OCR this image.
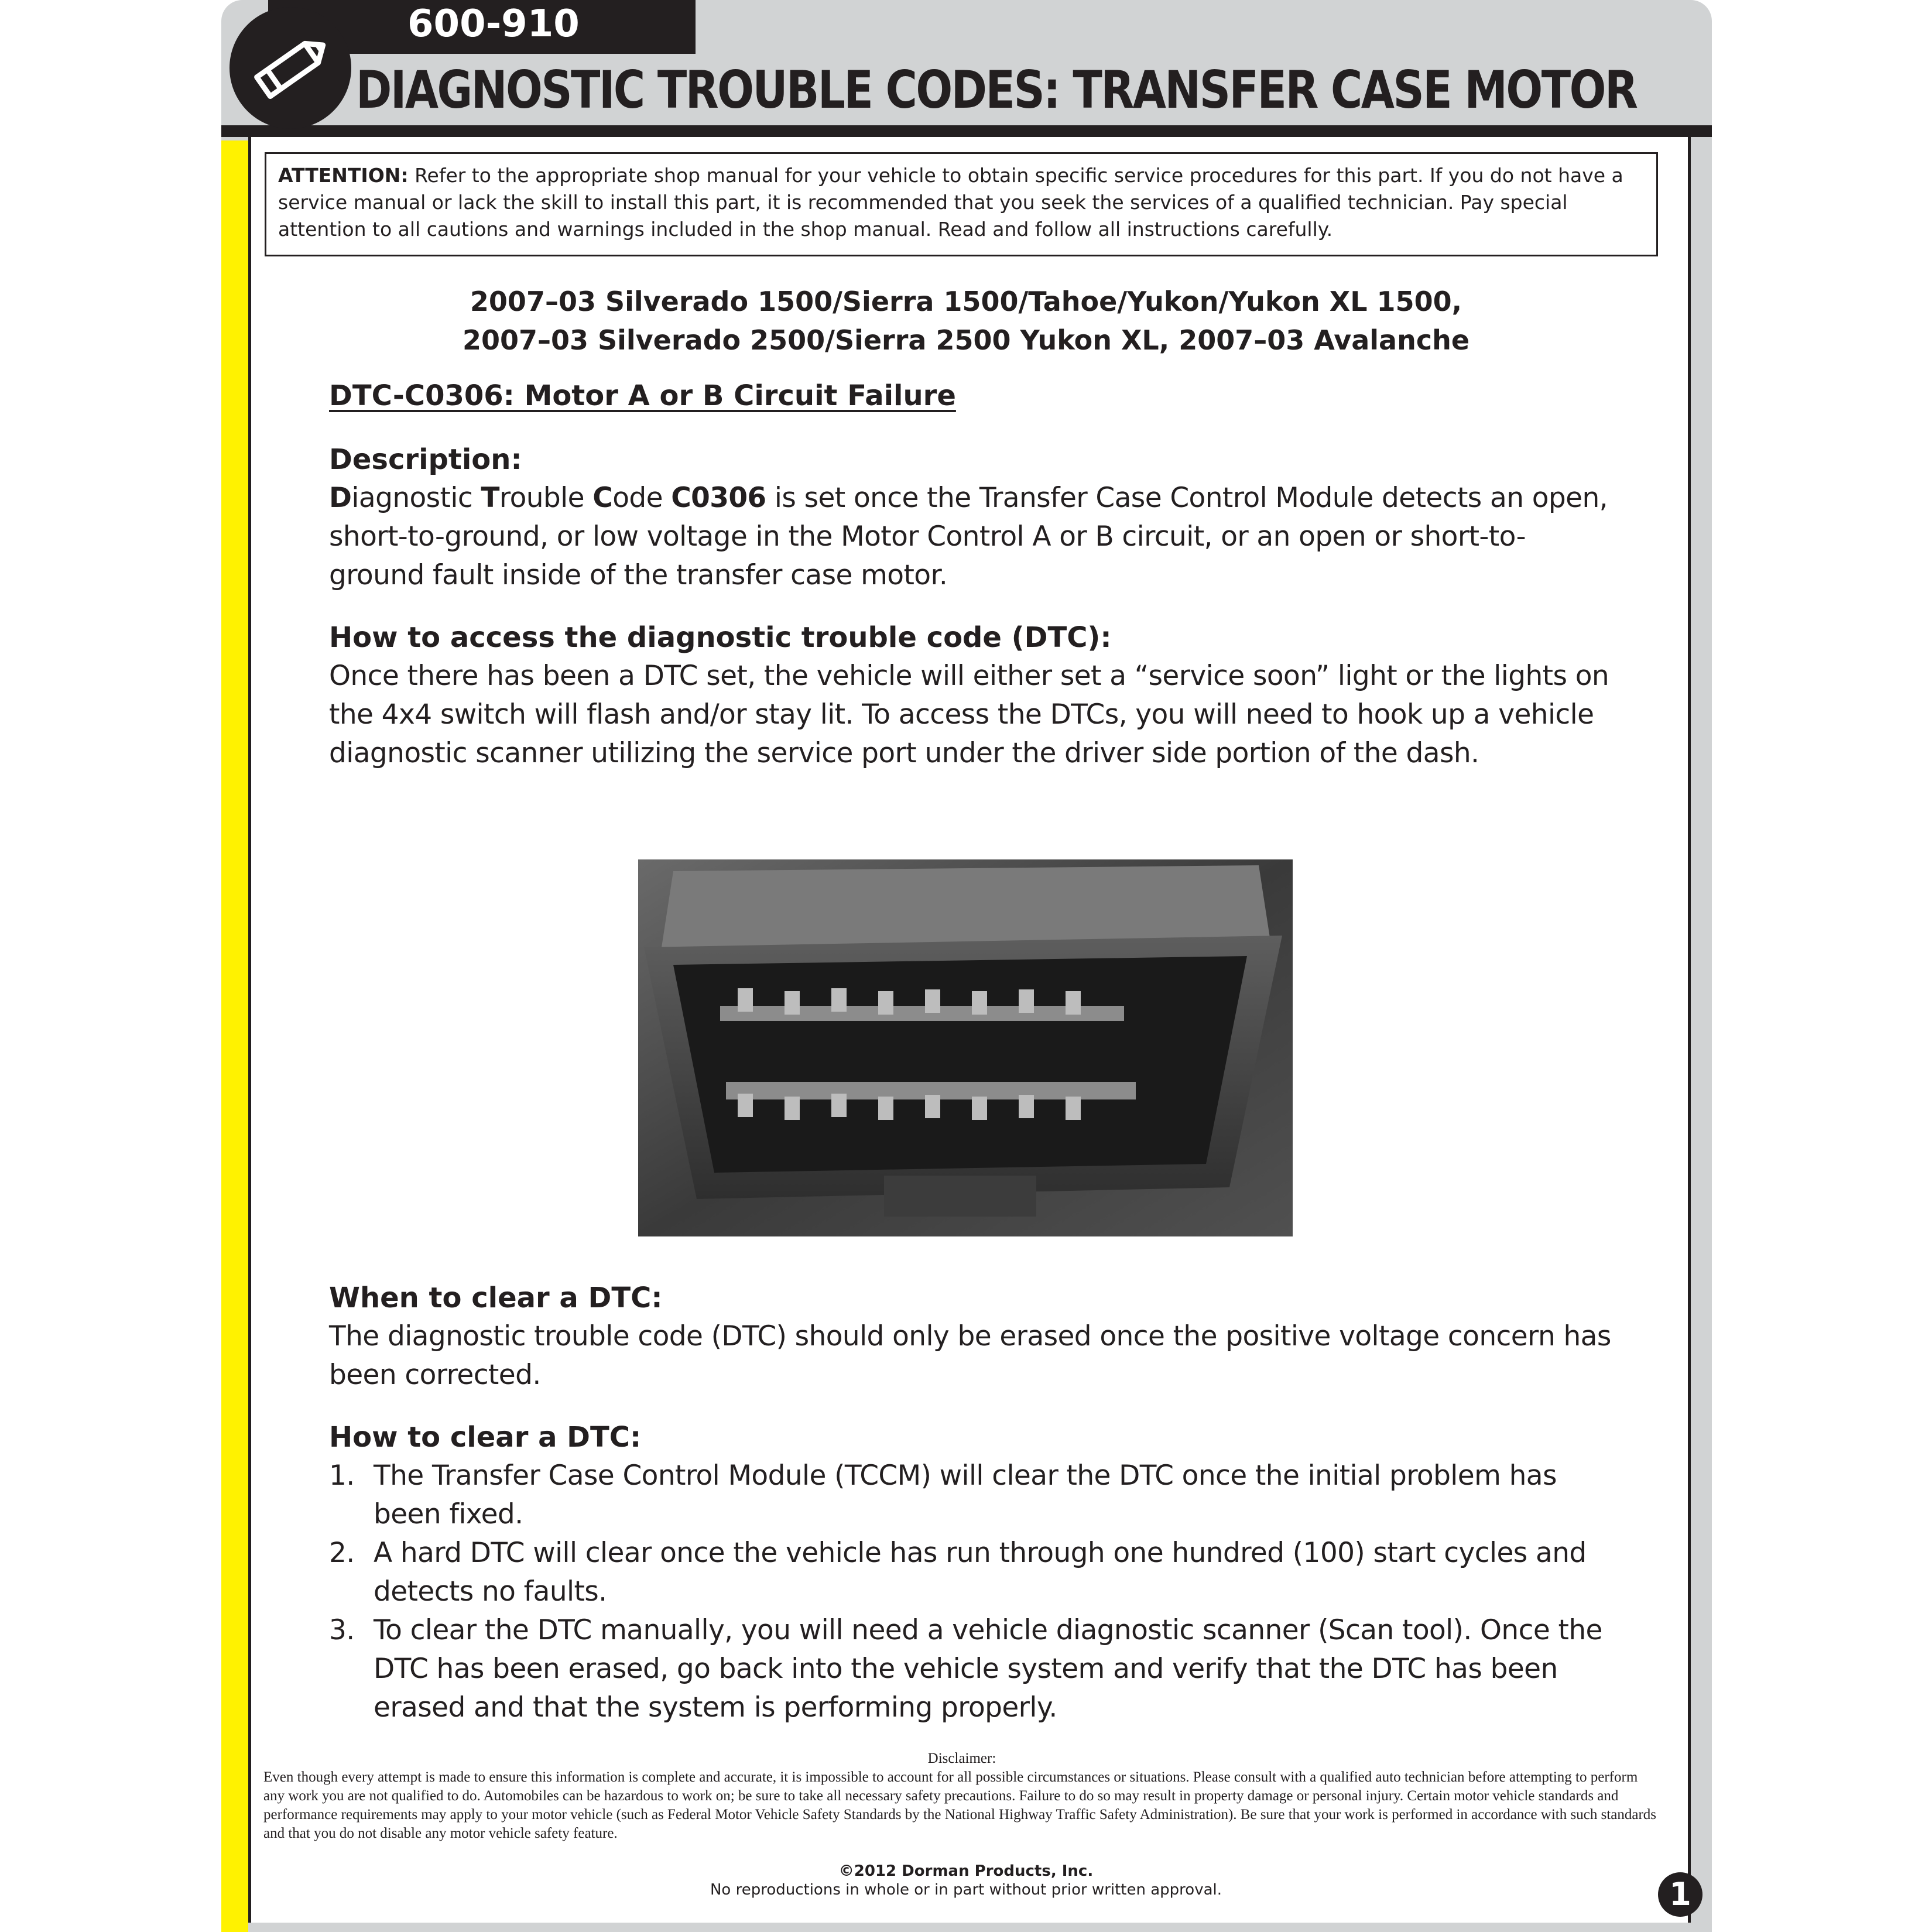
600-910
DIAGNOSTIC TROUBLE CODES: TRANSFER CASE MOTOR
ATTENTION: Refer to the appropriate shop manual for your vehicle to obtain specific service procedures for this part. If you do not have a service manual or lack the skill to install this part, it is recommended that you seek the services of a qualified technician. Pay special attention to all cautions and warnings included in the shop manual. Read and follow all instructions carefully.
2007–03 Silverado 1500/Sierra 1500/Tahoe/Yukon/Yukon XL 1500,
2007–03 Silverado 2500/Sierra 2500 Yukon XL, 2007–03 Avalanche
DTC-C0306: Motor A or B Circuit Failure
Description:

Diagnostic Trouble Code C0306 is set once the Transfer Case Control Module detects an open, short-to-ground, or low voltage in the Motor Control A or B circuit, or an open or short-to-ground fault inside of the transfer case motor.

How to access the diagnostic trouble code (DTC):

Once there has been a DTC set, the vehicle will either set a “service soon” light or the lights on the 4x4 switch will flash and/or stay lit. To access the DTCs, you will need to hook up a vehicle diagnostic scanner utilizing the service port under the driver side portion of the dash.

When to clear a DTC:

The diagnostic trouble code (DTC) should only be erased once the positive voltage concern has been corrected.

How to clear a DTC:
1. The Transfer Case Control Module (TCCM) will clear the DTC once the initial problem has been fixed.
2. A hard DTC will clear once the vehicle has run through one hundred (100) start cycles and detects no faults.
3. To clear the DTC manually, you will need a vehicle diagnostic scanner (Scan tool). Once the DTC has been erased, go back into the vehicle system and verify that the DTC has been erased and that the system is performing properly.
Disclaimer:
Even though every attempt is made to ensure this information is complete and accurate, it is impossible to account for all possible circumstances or situations. Please consult with a qualified auto technician before attempting to perform any work you are not qualified to do. Automobiles can be hazardous to work on; be sure to take all necessary safety precautions. Failure to do so may result in property damage or personal injury. Certain motor vehicle standards and performance requirements may apply to your motor vehicle (such as Federal Motor Vehicle Safety Standards by the National Highway Traffic Safety Administration). Be sure that your work is performed in accordance with such standards and that you do not disable any motor vehicle safety feature.
©2012 Dorman Products, Inc.
No reproductions in whole or in part without prior written approval.	1
